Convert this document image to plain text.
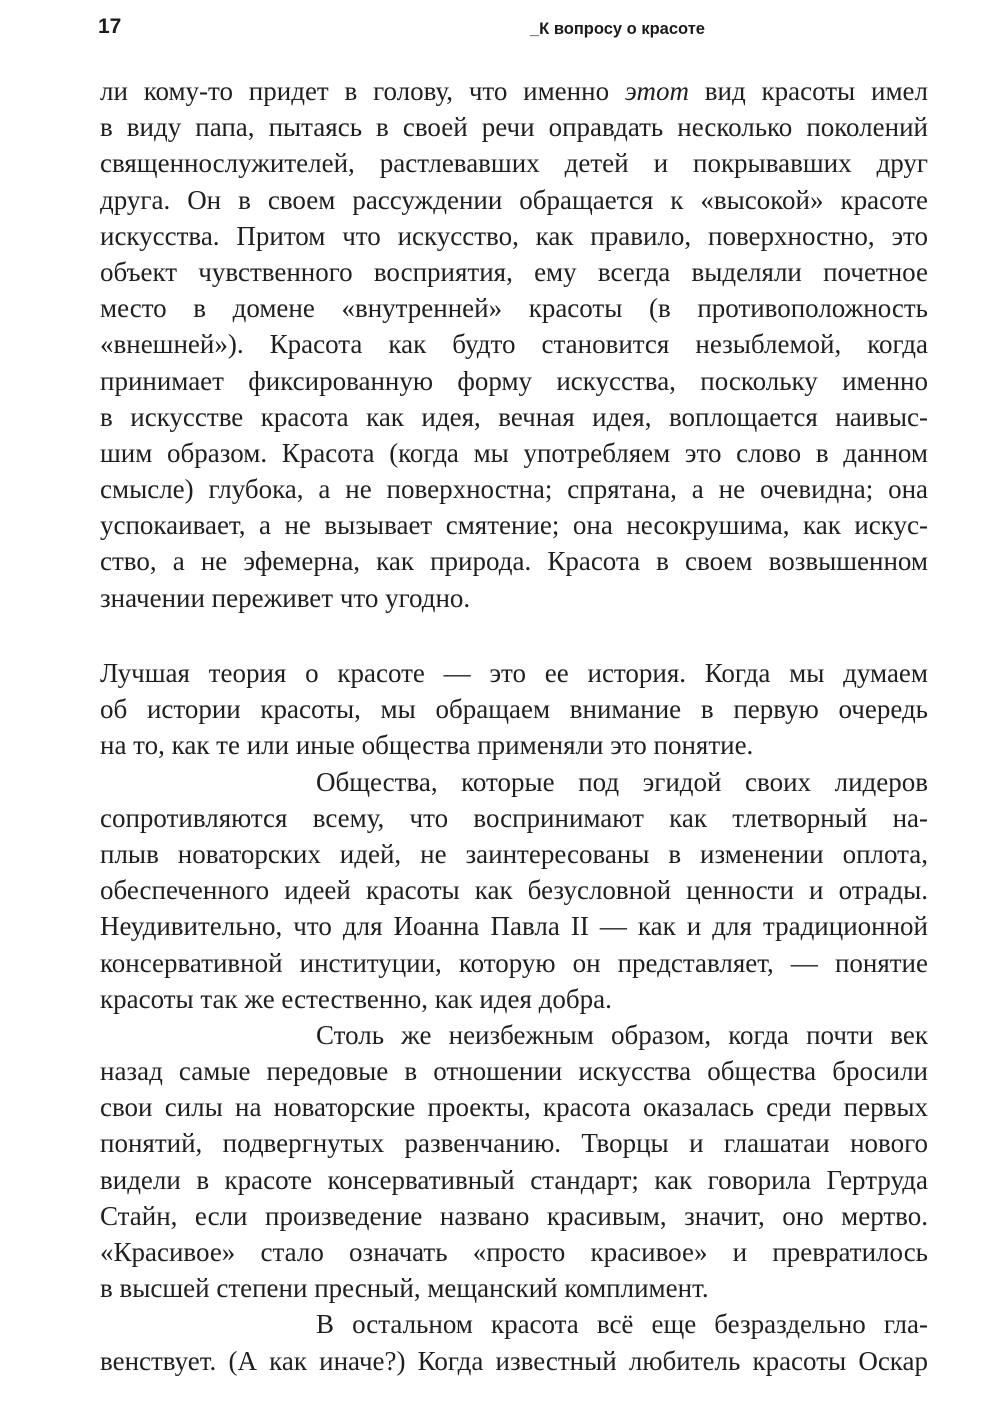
17	_К вопросу о красоте
ли кому-то придет в голову, что именно этот вид красоты имел
в виду папа, пытаясь в своей речи оправдать несколько поколений
священнослужителей, растлевавших детей и покрывавших друг
друга. Он в своем рассуждении обращается к «высокой» красоте
искусства. Притом что искусство, как правило, поверхностно, это
объект чувственного восприятия, ему всегда выделяли почетное
место в домене «внутренней» красоты (в противоположность
«внешней»). Красота как будто становится незыблемой, когда
принимает фиксированную форму искусства, поскольку именно
в искусстве красота как идея, вечная идея, воплощается наивыс-
шим образом. Красота (когда мы употребляем это слово в данном
смысле) глубока, а не поверхностна; спрятана, а не очевидна; она
успокаивает, а не вызывает смятение; она несокрушима, как искус-
ство, а не эфемерна, как природа. Красота в своем возвышенном
значении переживет что угодно.
Лучшая теория о красоте — это ее история. Когда мы думаем
об истории красоты, мы обращаем внимание в первую очередь
на то, как те или иные общества применяли это понятие.
Общества, которые под эгидой своих лидеров
сопротивляются всему, что воспринимают как тлетворный на-
плыв новаторских идей, не заинтересованы в изменении оплота,
обеспеченного идеей красоты как безусловной ценности и отрады.
Неудивительно, что для Иоанна Павла II — как и для традиционной
консервативной институции, которую он представляет, — понятие
красоты так же естественно, как идея добра.
Столь же неизбежным образом, когда почти век
назад самые передовые в отношении искусства общества бросили
свои силы на новаторские проекты, красота оказалась среди первых
понятий, подвергнутых развенчанию. Творцы и глашатаи нового
видели в красоте консервативный стандарт; как говорила Гертруда
Стайн, если произведение названо красивым, значит, оно мертво.
«Красивое» стало означать «просто красивое» и превратилось
в высшей степени пресный, мещанский комплимент.
В остальном красота всё еще безраздельно гла-
венствует. (А как иначе?) Когда известный любитель красоты Оскар
